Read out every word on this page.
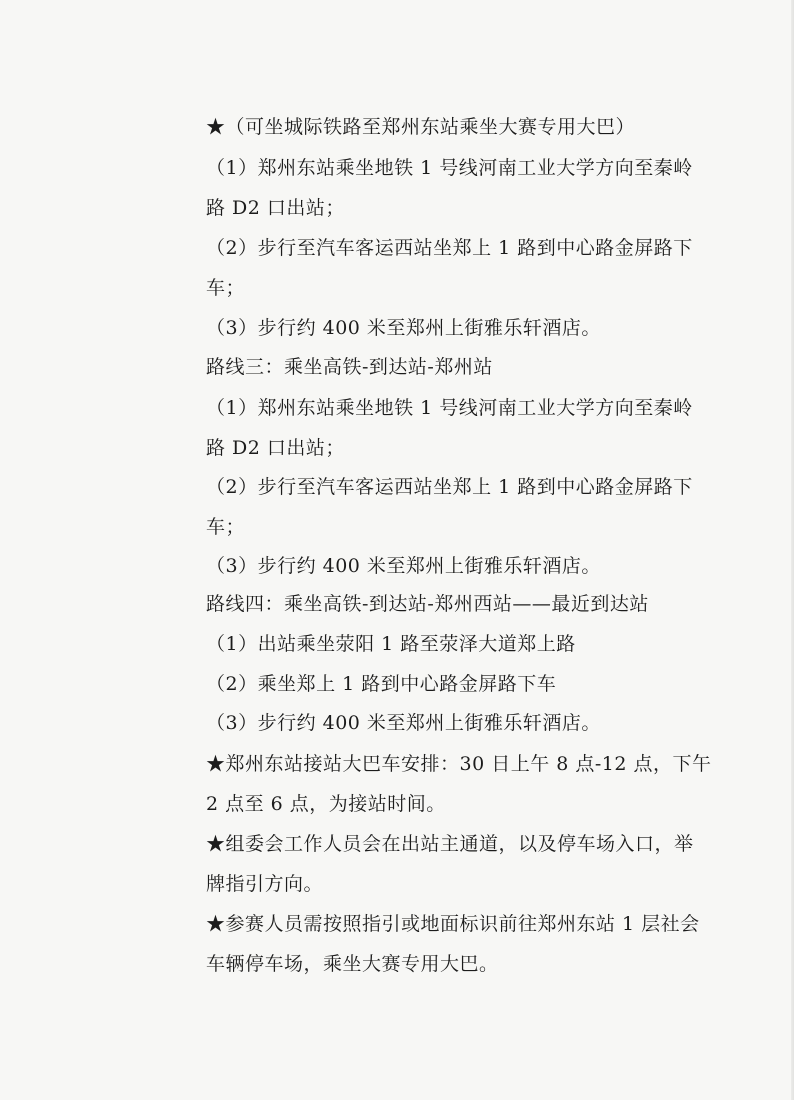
★（可坐城际铁路至郑州东站乘坐大赛专用大巴）
（1）郑州东站乘坐地铁 1 号线河南工业大学方向至秦岭
路 D2 口出站；
（2）步行至汽车客运西站坐郑上 1 路到中心路金屏路下
车；
（3）步行约 400 米至郑州上街雅乐轩酒店。
路线三：乘坐高铁-到达站-郑州站
（1）郑州东站乘坐地铁 1 号线河南工业大学方向至秦岭
路 D2 口出站；
（2）步行至汽车客运西站坐郑上 1 路到中心路金屏路下
车；
（3）步行约 400 米至郑州上街雅乐轩酒店。
路线四：乘坐高铁-到达站-郑州西站——最近到达站
（1）出站乘坐荥阳 1 路至荥泽大道郑上路
（2）乘坐郑上 1 路到中心路金屏路下车
（3）步行约 400 米至郑州上街雅乐轩酒店。
★郑州东站接站大巴车安排：30 日上午 8 点-12 点，下午
2 点至 6 点，为接站时间。
★组委会工作人员会在出站主通道，以及停车场入口，举
牌指引方向。
★参赛人员需按照指引或地面标识前往郑州东站 1 层社会
车辆停车场，乘坐大赛专用大巴。
